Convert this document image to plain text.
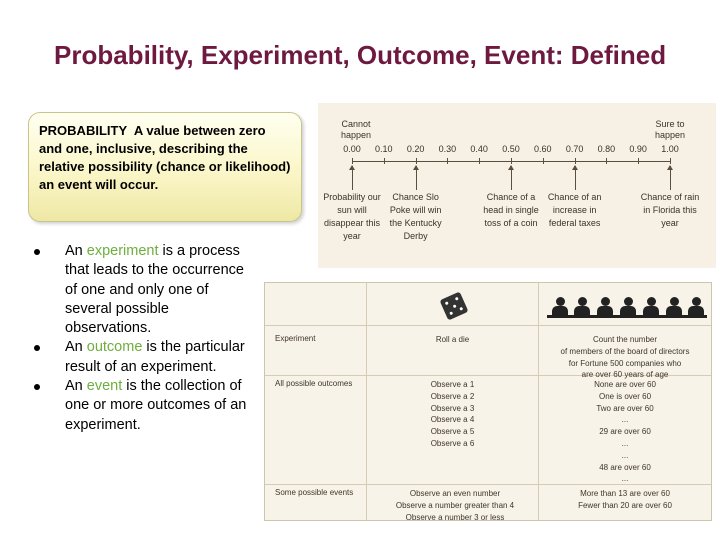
Probability, Experiment, Outcome, Event: Defined
PROBABILITY A value between zero and one, inclusive, describing the relative possibility (chance or likelihood) an event will occur.
An experiment is a process that leads to the occurrence of one and only one of several possible observations.
An outcome is the particular result of an experiment.
An event is the collection of one or more outcomes of an experiment.
Cannot happen
Sure to happen
0.00 0.10 0.20 0.30 0.40 0.50 0.60 0.70 0.80 0.90 1.00
Probability our sun will disappear this year
Chance Slo Poke will win the Kentucky Derby
Chance of a head in single toss of a coin
Chance of an increase in federal taxes
Chance of rain in Florida this year
Experiment
All possible outcomes
Some possible events
Roll a die
Observe a 1
Observe a 2
Observe a 3
Observe a 4
Observe a 5
Observe a 6
Observe an even number
Observe a number greater than 4
Observe a number 3 or less
Count the number
of members of the board of directors
for Fortune 500 companies who
are over 60 years of age
None are over 60
One is over 60
Two are over 60
...
29 are over 60
...
...
48 are over 60
...
More than 13 are over 60
Fewer than 20 are over 60
